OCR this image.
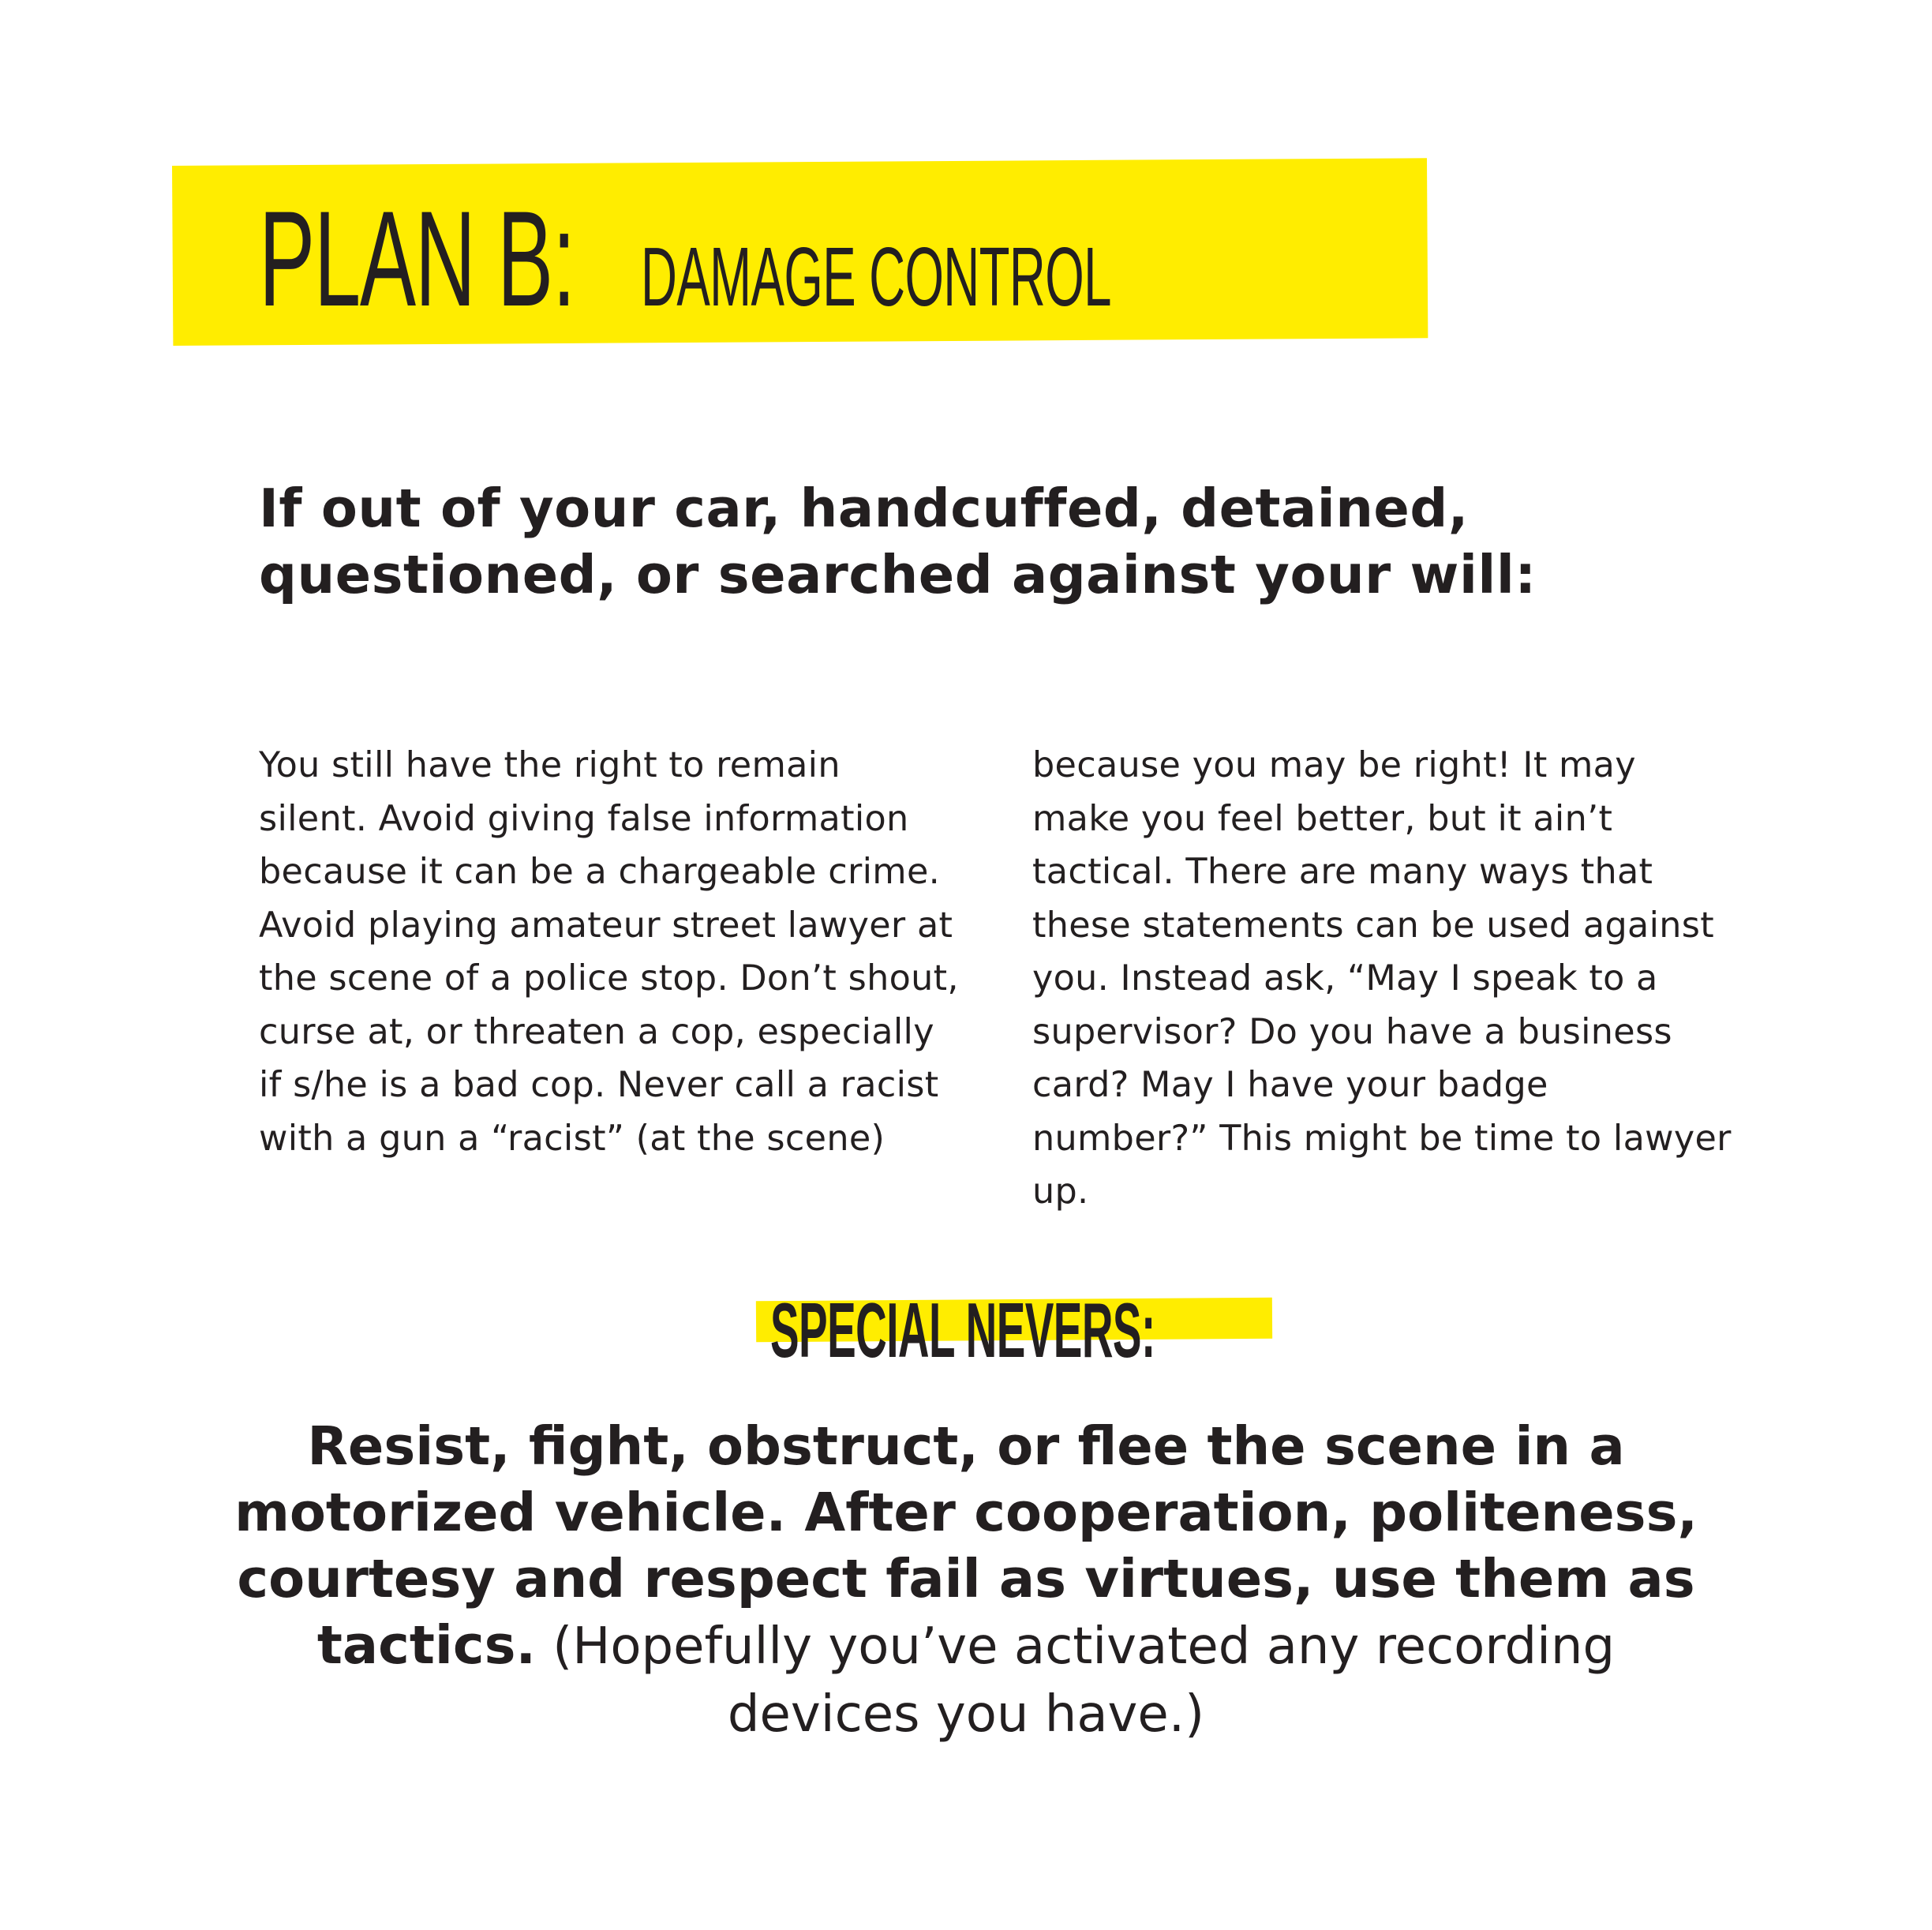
PLAN B: DAMAGE CONTROL

If out of your car, handcuffed, detained, questioned, or searched against your will:

You still have the right to remain silent. Avoid giving false information because it can be a chargeable crime. Avoid playing amateur street lawyer at the scene of a police stop. Don’t shout, curse at, or threaten a cop, especially if s/he is a bad cop. Never call a racist with a gun a “racist” (at the scene)

because you may be right! It may make you feel better, but it ain’t tactical. There are many ways that these statements can be used against you. Instead ask, “May I speak to a supervisor? Do you have a business card? May I have your badge number?” This might be time to lawyer up.

SPECIAL NEVERS:

Resist, fight, obstruct, or flee the scene in a motorized vehicle. After cooperation, politeness, courtesy and respect fail as virtues, use them as tactics. (Hopefully you’ve activated any recording devices you have.)
